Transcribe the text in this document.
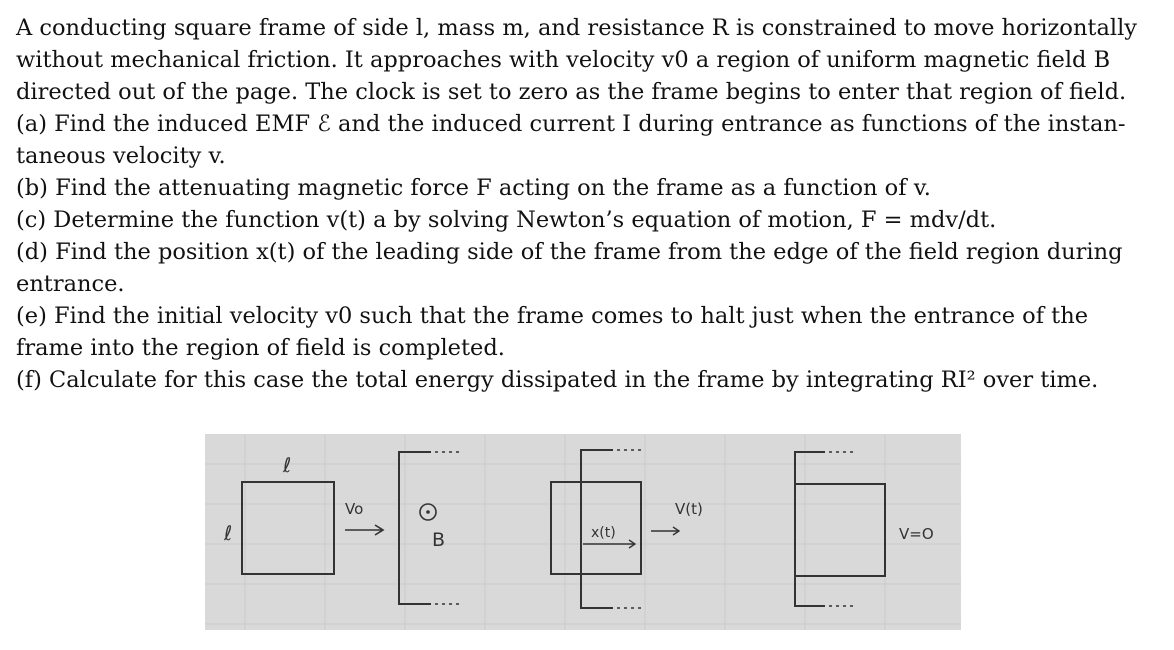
A conducting square frame of side l, mass m, and resistance R is constrained to move horizontally
without mechanical friction. It approaches with velocity v0 a region of uniform magnetic field B
directed out of the page. The clock is set to zero as the frame begins to enter that region of field.
(a) Find the induced EMF ℰ and the induced current I during entrance as functions of the instan-
taneous velocity v.
(b) Find the attenuating magnetic force F acting on the frame as a function of v.
(c) Determine the function v(t) a by solving Newton’s equation of motion, F = mdv/dt.
(d) Find the position x(t) of the leading side of the frame from the edge of the field region during
entrance.
(e) Find the initial velocity v0 such that the frame comes to halt just when the entrance of the
frame into the region of field is completed.
(f) Calculate for this case the total energy dissipated in the frame by integrating RI² over time.
ℓ
ℓ
Vo
B	x(t)
V(t)
V=O
